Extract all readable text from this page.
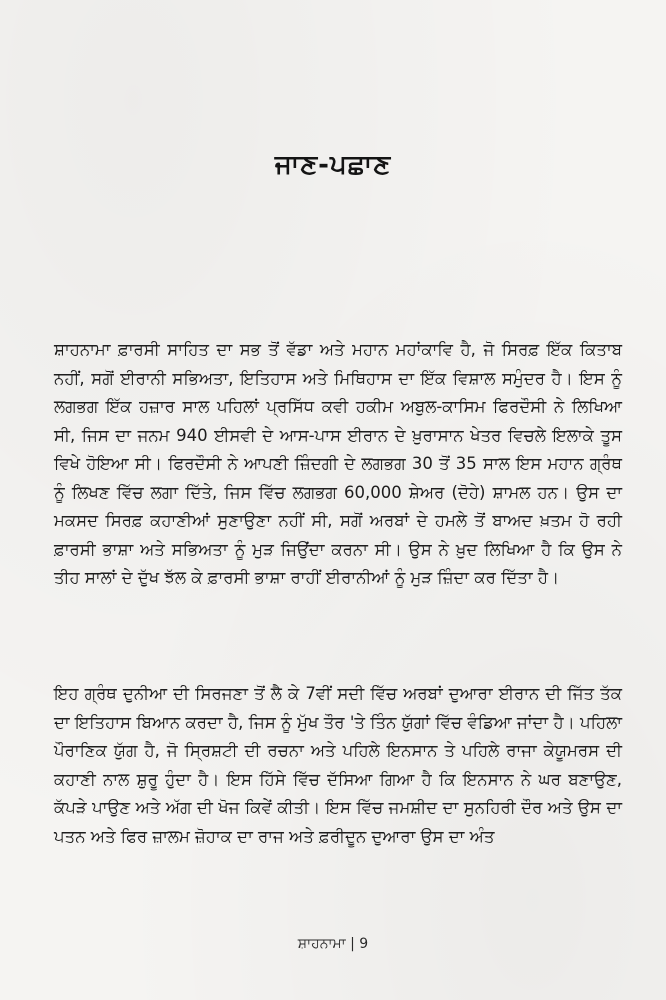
ਜਾਣ-ਪਛਾਣ

ਸ਼ਾਹਨਾਮਾ ਫ਼ਾਰਸੀ ਸਾਹਿਤ ਦਾ ਸਭ ਤੋਂ ਵੱਡਾ ਅਤੇ ਮਹਾਨ ਮਹਾਂਕਾਵਿ ਹੈ, ਜੋ ਸਿਰਫ਼ ਇੱਕ ਕਿਤਾਬ ਨਹੀਂ, ਸਗੋਂ ਈਰਾਨੀ ਸਭਿਅਤਾ, ਇਤਿਹਾਸ ਅਤੇ ਮਿਥਿਹਾਸ ਦਾ ਇੱਕ ਵਿਸ਼ਾਲ ਸਮੁੰਦਰ ਹੈ। ਇਸ ਨੂੰ ਲਗਭਗ ਇੱਕ ਹਜ਼ਾਰ ਸਾਲ ਪਹਿਲਾਂ ਪ੍ਰਸਿੱਧ ਕਵੀ ਹਕੀਮ ਅਬੁਲ-ਕਾਸਿਮ ਫਿਰਦੌਸੀ ਨੇ ਲਿਖਿਆ ਸੀ, ਜਿਸ ਦਾ ਜਨਮ 940 ਈਸਵੀ ਦੇ ਆਸ-ਪਾਸ ਈਰਾਨ ਦੇ ਖ਼ੁਰਾਸਾਨ ਖੇਤਰ ਵਿਚਲੇ ਇਲਾਕੇ ਤੂਸ ਵਿਖੇ ਹੋਇਆ ਸੀ। ਫਿਰਦੌਸੀ ਨੇ ਆਪਣੀ ਜ਼ਿੰਦਗੀ ਦੇ ਲਗਭਗ 30 ਤੋਂ 35 ਸਾਲ ਇਸ ਮਹਾਨ ਗ੍ਰੰਥ ਨੂੰ ਲਿਖਣ ਵਿੱਚ ਲਗਾ ਦਿੱਤੇ, ਜਿਸ ਵਿੱਚ ਲਗਭਗ 60,000 ਸ਼ੇਅਰ (ਦੋਹੇ) ਸ਼ਾਮਲ ਹਨ। ਉਸ ਦਾ ਮਕਸਦ ਸਿਰਫ਼ ਕਹਾਣੀਆਂ ਸੁਣਾਉਣਾ ਨਹੀਂ ਸੀ, ਸਗੋਂ ਅਰਬਾਂ ਦੇ ਹਮਲੇ ਤੋਂ ਬਾਅਦ ਖ਼ਤਮ ਹੋ ਰਹੀ ਫ਼ਾਰਸੀ ਭਾਸ਼ਾ ਅਤੇ ਸਭਿਅਤਾ ਨੂੰ ਮੁੜ ਜਿਉਂਦਾ ਕਰਨਾ ਸੀ। ਉਸ ਨੇ ਖ਼ੁਦ ਲਿਖਿਆ ਹੈ ਕਿ ਉਸ ਨੇ ਤੀਹ ਸਾਲਾਂ ਦੇ ਦੁੱਖ ਝੱਲ ਕੇ ਫ਼ਾਰਸੀ ਭਾਸ਼ਾ ਰਾਹੀਂ ਈਰਾਨੀਆਂ ਨੂੰ ਮੁੜ ਜ਼ਿੰਦਾ ਕਰ ਦਿੱਤਾ ਹੈ।

ਇਹ ਗ੍ਰੰਥ ਦੁਨੀਆ ਦੀ ਸਿਰਜਣਾ ਤੋਂ ਲੈ ਕੇ 7ਵੀਂ ਸਦੀ ਵਿੱਚ ਅਰਬਾਂ ਦੁਆਰਾ ਈਰਾਨ ਦੀ ਜਿੱਤ ਤੱਕ ਦਾ ਇਤਿਹਾਸ ਬਿਆਨ ਕਰਦਾ ਹੈ, ਜਿਸ ਨੂੰ ਮੁੱਖ ਤੌਰ 'ਤੇ ਤਿੰਨ ਯੁੱਗਾਂ ਵਿੱਚ ਵੰਡਿਆ ਜਾਂਦਾ ਹੈ। ਪਹਿਲਾ ਪੌਰਾਣਿਕ ਯੁੱਗ ਹੈ, ਜੋ ਸ੍ਰਿਸ਼ਟੀ ਦੀ ਰਚਨਾ ਅਤੇ ਪਹਿਲੇ ਇਨਸਾਨ ਤੇ ਪਹਿਲੇ ਰਾਜਾ ਕੇਯੂਮਰਸ ਦੀ ਕਹਾਣੀ ਨਾਲ ਸ਼ੁਰੂ ਹੁੰਦਾ ਹੈ। ਇਸ ਹਿੱਸੇ ਵਿੱਚ ਦੱਸਿਆ ਗਿਆ ਹੈ ਕਿ ਇਨਸਾਨ ਨੇ ਘਰ ਬਣਾਉਣ, ਕੱਪੜੇ ਪਾਉਣ ਅਤੇ ਅੱਗ ਦੀ ਖੋਜ ਕਿਵੇਂ ਕੀਤੀ। ਇਸ ਵਿੱਚ ਜਮਸ਼ੀਦ ਦਾ ਸੁਨਹਿਰੀ ਦੌਰ ਅਤੇ ਉਸ ਦਾ ਪਤਨ ਅਤੇ ਫਿਰ ਜ਼ਾਲਮ ਜ਼ੋਹਾਕ ਦਾ ਰਾਜ ਅਤੇ ਫ਼ਰੀਦੂਨ ਦੁਆਰਾ ਉਸ ਦਾ ਅੰਤ

ਸ਼ਾਹਨਾਮਾ | 9
